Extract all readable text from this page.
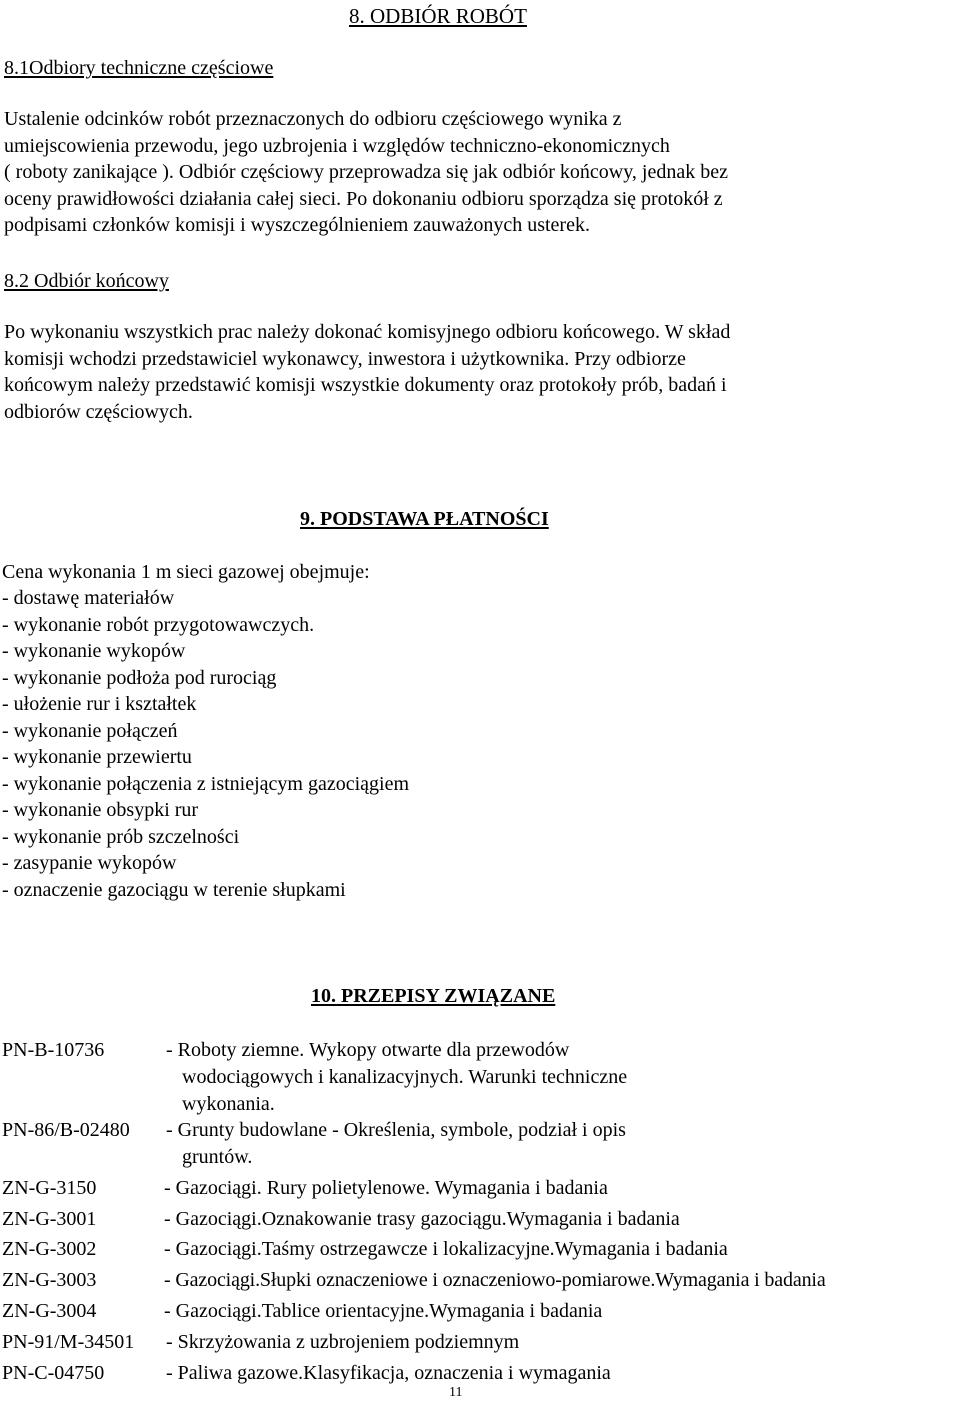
8. ODBIÓR ROBÓT
8.1Odbiory techniczne częściowe
Ustalenie odcinków robót przeznaczonych do odbioru częściowego wynika z
umiejscowienia przewodu, jego uzbrojenia i względów techniczno-ekonomicznych
( roboty zanikające ). Odbiór częściowy przeprowadza się jak odbiór końcowy, jednak bez
oceny prawidłowości działania całej sieci. Po dokonaniu odbioru sporządza się protokół z
podpisami członków komisji i wyszczególnieniem zauważonych usterek.
8.2 Odbiór końcowy
Po wykonaniu wszystkich prac należy dokonać komisyjnego odbioru końcowego. W skład
komisji wchodzi przedstawiciel wykonawcy, inwestora i użytkownika. Przy odbiorze
końcowym należy przedstawić komisji wszystkie dokumenty oraz protokoły prób, badań i
odbiorów częściowych.
9. PODSTAWA PŁATNOŚCI
Cena wykonania 1 m sieci gazowej obejmuje:
- dostawę materiałów
- wykonanie robót przygotowawczych.
- wykonanie wykopów
- wykonanie podłoża pod rurociąg
- ułożenie rur i kształtek
- wykonanie połączeń
- wykonanie przewiertu
- wykonanie połączenia z istniejącym gazociągiem
- wykonanie obsypki rur
- wykonanie prób szczelności
- zasypanie wykopów
- oznaczenie gazociągu w terenie słupkami
10. PRZEPISY ZWIĄZANE
PN-B-10736	- Roboty ziemne. Wykopy otwarte dla przewodów
wodociągowych i kanalizacyjnych. Warunki techniczne
wykonania.
PN-86/B-02480 - Grunty budowlane - Określenia, symbole, podział i opis
gruntów.
ZN-G-3150	- Gazociągi. Rury polietylenowe. Wymagania i badania
ZN-G-3001	- Gazociągi.Oznakowanie trasy gazociągu.Wymagania i badania
ZN-G-3002	- Gazociągi.Taśmy ostrzegawcze i lokalizacyjne.Wymagania i badania
ZN-G-3003	- Gazociągi.Słupki oznaczeniowe i oznaczeniowo-pomiarowe.Wymagania i badania
ZN-G-3004	- Gazociągi.Tablice orientacyjne.Wymagania i badania
PN-91/M-34501 - Skrzyżowania z uzbrojeniem podziemnym
PN-C-04750	- Paliwa gazowe.Klasyfikacja, oznaczenia i wymagania
11
